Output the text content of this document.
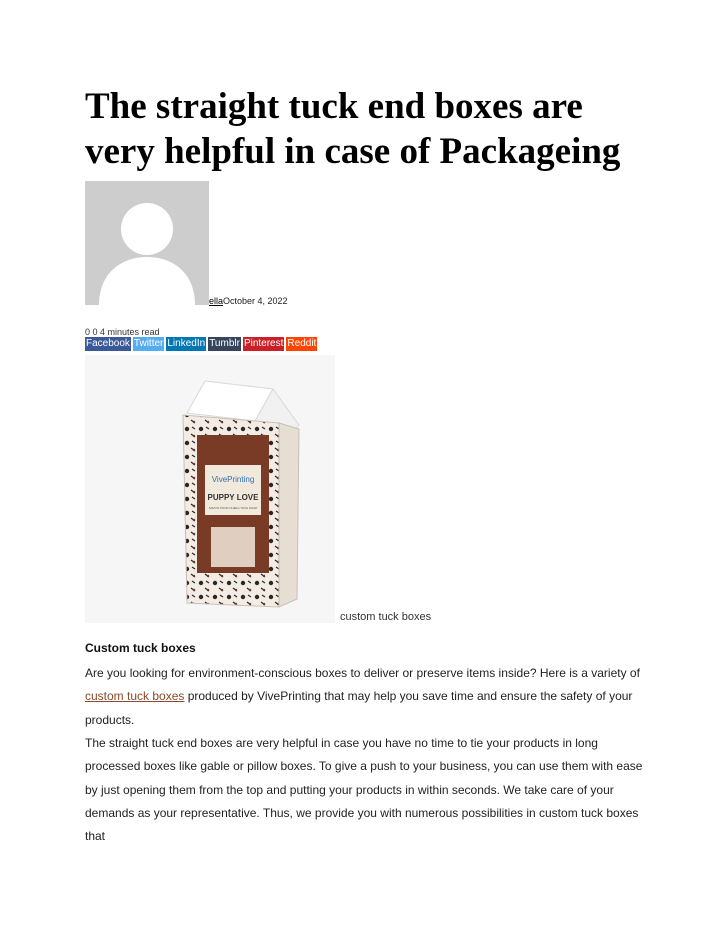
The straight tuck end boxes are very helpful in case of Packageing
ellaOctober 4, 2022
0 0 4 minutes read
Facebook Twitter LinkedIn Tumblr Pinterest Reddit
VivePrinting
PUPPY LOVE
SAVON POUR CHIEN / DOG SOAP
custom tuck boxes
Custom tuck boxes

Are you looking for environment-conscious boxes to deliver or preserve items inside? Here is a variety of custom tuck boxes produced by VivePrinting that may help you save time and ensure the safety of your products.

The straight tuck end boxes are very helpful in case you have no time to tie your products in long processed boxes like gable or pillow boxes. To give a push to your business, you can use them with ease by just opening them from the top and putting your products in within seconds. We take care of your demands as your representative. Thus, we provide you with numerous possibilities in custom tuck boxes that
